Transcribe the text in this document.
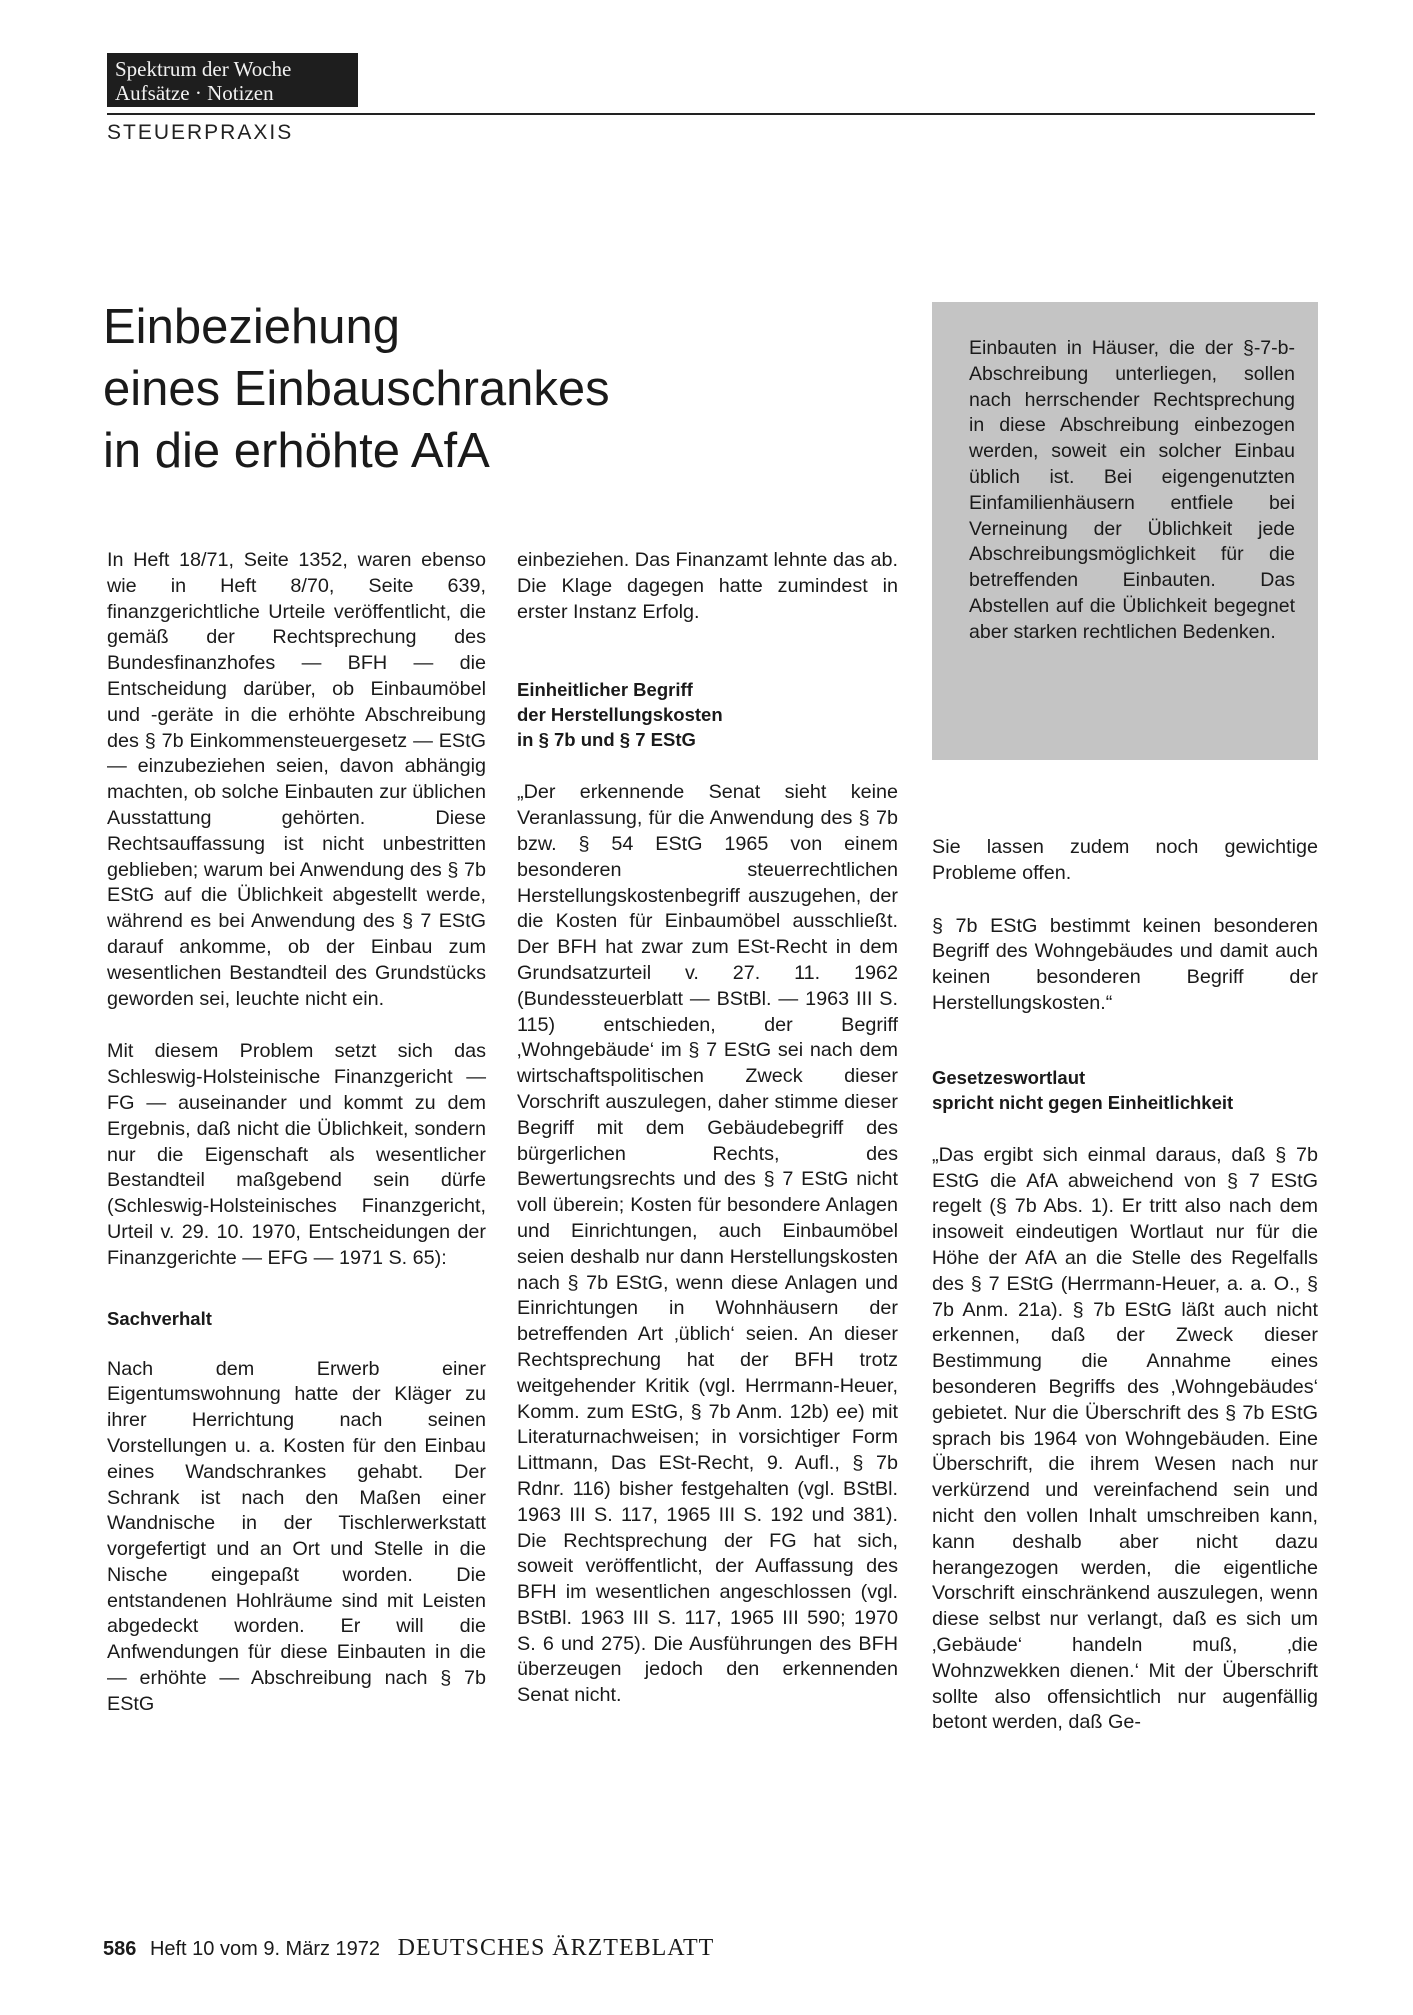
Spektrum der Woche
Aufsätze · Notizen
STEUERPRAXIS
Einbeziehung
eines Einbauschrankes
in die erhöhte AfA

Einbauten in Häuser, die der §-7-b-Abschreibung unterliegen, sollen nach herrschender Rechtsprechung in diese Abschreibung einbezogen werden, soweit ein solcher Einbau üblich ist. Bei eigengenutzten Einfamilienhäusern entfiele bei Verneinung der Üblichkeit jede Abschreibungsmöglichkeit für die betreffenden Einbauten. Das Abstellen auf die Üblichkeit begegnet aber starken rechtlichen Bedenken.

In Heft 18/71, Seite 1352, waren ebenso wie in Heft 8/70, Seite 639, finanzgerichtliche Urteile veröffentlicht, die gemäß der Rechtsprechung des Bundesfinanzhofes — BFH — die Entscheidung darüber, ob Einbaumöbel und -geräte in die erhöhte Abschreibung des § 7b Einkommensteuergesetz — EStG — einzubeziehen seien, davon abhängig machten, ob solche Einbauten zur üblichen Ausstattung gehörten. Diese Rechtsauffassung ist nicht unbestritten geblieben; warum bei Anwendung des § 7b EStG auf die Üblichkeit abgestellt werde, während es bei Anwendung des § 7 EStG darauf ankomme, ob der Einbau zum wesentlichen Bestandteil des Grundstücks geworden sei, leuchte nicht ein.

Mit diesem Problem setzt sich das Schleswig-Holsteinische Finanzgericht — FG — auseinander und kommt zu dem Ergebnis, daß nicht die Üblichkeit, sondern nur die Eigenschaft als wesentlicher Bestandteil maßgebend sein dürfe (Schleswig-Holsteinisches Finanzgericht, Urteil v. 29. 10. 1970, Entscheidungen der Finanzgerichte — EFG — 1971 S. 65):

Sachverhalt

Nach dem Erwerb einer Eigentumswohnung hatte der Kläger zu ihrer Herrichtung nach seinen Vorstellungen u. a. Kosten für den Einbau eines Wandschrankes gehabt. Der Schrank ist nach den Maßen einer Wandnische in der Tischlerwerkstatt vorgefertigt und an Ort und Stelle in die Nische eingepaßt worden. Die entstandenen Hohlräume sind mit Leisten abgedeckt worden. Er will die Anfwendungen für diese Einbauten in die — erhöhte — Abschreibung nach § 7b EStG

einbeziehen. Das Finanzamt lehnte das ab. Die Klage dagegen hatte zumindest in erster Instanz Erfolg.

Einheitlicher Begriff
der Herstellungskosten
in § 7b und § 7 EStG

„Der erkennende Senat sieht keine Veranlassung, für die Anwendung des § 7b bzw. § 54 EStG 1965 von einem besonderen steuerrechtlichen Herstellungskostenbegriff auszugehen, der die Kosten für Einbaumöbel ausschließt. Der BFH hat zwar zum ESt-Recht in dem Grundsatzurteil v. 27. 11. 1962 (Bundessteuerblatt — BStBl. — 1963 III S. 115) entschieden, der Begriff ‚Wohngebäude‘ im § 7 EStG sei nach dem wirtschaftspolitischen Zweck dieser Vorschrift auszulegen, daher stimme dieser Begriff mit dem Gebäudebegriff des bürgerlichen Rechts, des Bewertungsrechts und des § 7 EStG nicht voll überein; Kosten für besondere Anlagen und Einrichtungen, auch Einbaumöbel seien deshalb nur dann Herstellungskosten nach § 7b EStG, wenn diese Anlagen und Einrichtungen in Wohnhäusern der betreffenden Art ‚üblich‘ seien. An dieser Rechtsprechung hat der BFH trotz weitgehender Kritik (vgl. Herrmann-Heuer, Komm. zum EStG, § 7b Anm. 12b) ee) mit Literaturnachweisen; in vorsichtiger Form Littmann, Das ESt-Recht, 9. Aufl., § 7b Rdnr. 116) bisher festgehalten (vgl. BStBl. 1963 III S. 117, 1965 III S. 192 und 381). Die Rechtsprechung der FG hat sich, soweit veröffentlicht, der Auffassung des BFH im wesentlichen angeschlossen (vgl. BStBl. 1963 III S. 117, 1965 III 590; 1970 S. 6 und 275). Die Ausführungen des BFH überzeugen jedoch den erkennenden Senat nicht.

Sie lassen zudem noch gewichtige Probleme offen.

§ 7b EStG bestimmt keinen besonderen Begriff des Wohngebäudes und damit auch keinen besonderen Begriff der Herstellungskosten.“

Gesetzeswortlaut
spricht nicht gegen Einheitlichkeit

„Das ergibt sich einmal daraus, daß § 7b EStG die AfA abweichend von § 7 EStG regelt (§ 7b Abs. 1). Er tritt also nach dem insoweit eindeutigen Wortlaut nur für die Höhe der AfA an die Stelle des Regelfalls des § 7 EStG (Herrmann-Heuer, a. a. O., § 7b Anm. 21a). § 7b EStG läßt auch nicht erkennen, daß der Zweck dieser Bestimmung die Annahme eines besonderen Begriffs des ‚Wohngebäudes‘ gebietet. Nur die Überschrift des § 7b EStG sprach bis 1964 von Wohngebäuden. Eine Überschrift, die ihrem Wesen nach nur verkürzend und vereinfachend sein und nicht den vollen Inhalt umschreiben kann, kann deshalb aber nicht dazu herangezogen werden, die eigentliche Vorschrift einschränkend auszulegen, wenn diese selbst nur verlangt, daß es sich um ‚Gebäude‘ handeln muß, ‚die Wohnzwekken dienen.‘ Mit der Überschrift sollte also offensichtlich nur augenfällig betont werden, daß Ge-

586 Heft 10 vom 9. März 1972 DEUTSCHES ÄRZTEBLATT
